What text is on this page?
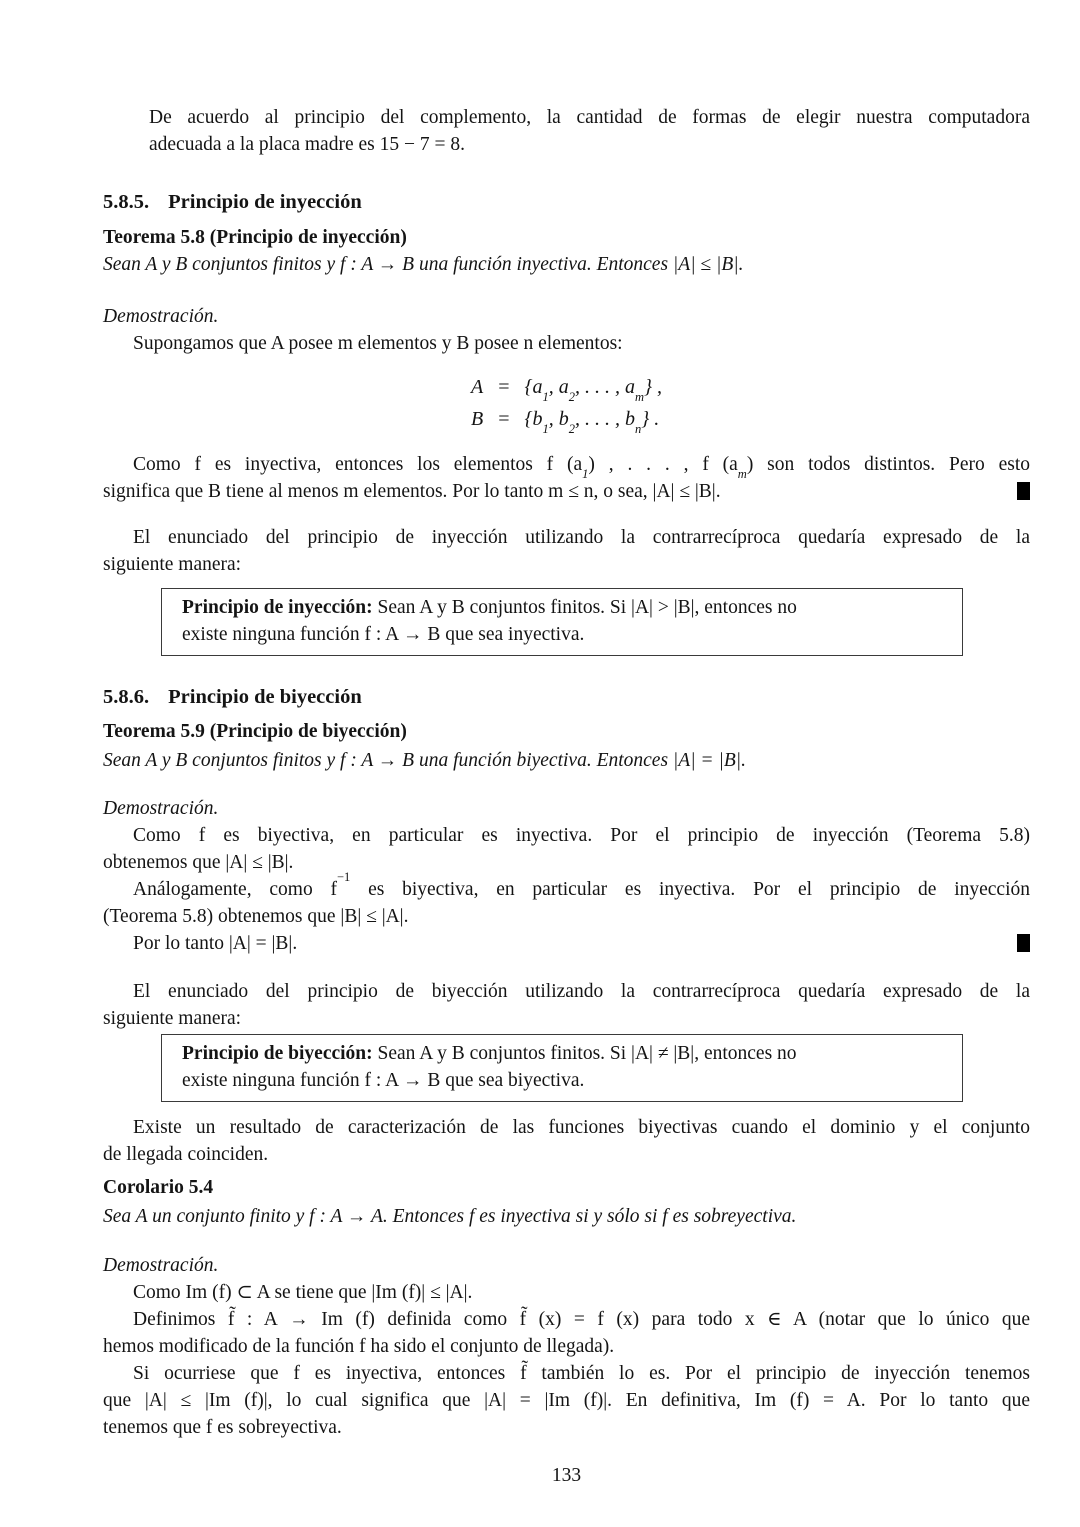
De acuerdo al principio del complemento, la cantidad de formas de elegir nuestra computadora
adecuada a la placa madre es 15 − 7 = 8.
5.8.5. Principio de inyección
Teorema 5.8 (Principio de inyección)
Sean A y B conjuntos finitos y f : A → B una función inyectiva. Entonces |A| ≤ |B|.
Demostración.
Supongamos que A posee m elementos y B posee n elementos:
A	=	{$a_1$, $a_2$, . . . , $a_m$} ,
B	=	{$b_1$, $b_2$, . . . , $b_n$} .
Como f es inyectiva, entonces los elementos f $(a_1)$ , . . . , f $(a_m)$ son todos distintos. Pero esto
significa que B tiene al menos m elementos. Por lo tanto m ≤ n, o sea, |A| ≤ |B|.
El enunciado del principio de inyección utilizando la contrarrecíproca quedaría expresado de la
siguiente manera:
Principio de inyección: Sean A y B conjuntos finitos. Si |A| > |B|, entonces no
existe ninguna función f : A → B que sea inyectiva.
5.8.6. Principio de biyección
Teorema 5.9 (Principio de biyección)
Sean A y B conjuntos finitos y f : A → B una función biyectiva. Entonces |A| = |B|.
Demostración.
Como f es biyectiva, en particular es inyectiva. Por el principio de inyección (Teorema 5.8)
obtenemos que |A| ≤ |B|.
Análogamente, como $f^{-1}$ es biyectiva, en particular es inyectiva. Por el principio de inyección
(Teorema 5.8) obtenemos que |B| ≤ |A|.
Por lo tanto |A| = |B|.
El enunciado del principio de biyección utilizando la contrarrecíproca quedaría expresado de la
siguiente manera:
Principio de biyección: Sean A y B conjuntos finitos. Si |A| ≠ |B|, entonces no
existe ninguna función f : A → B que sea biyectiva.
Existe un resultado de caracterización de las funciones biyectivas cuando el dominio y el conjunto
de llegada coinciden.
Corolario 5.4
Sea A un conjunto finito y f : A → A. Entonces f es inyectiva si y sólo si f es sobreyectiva.
Demostración.
Como Im (f) ⊂ A se tiene que |Im (f)| ≤ |A|.
Definimos f̃ : A → Im (f) definida como f̃ (x) = f (x) para todo x ∈ A (notar que lo único que
hemos modificado de la función f ha sido el conjunto de llegada).
Si ocurriese que f es inyectiva, entonces f̃ también lo es. Por el principio de inyección tenemos
que |A| ≤ |Im (f)|, lo cual significa que |A| = |Im (f)|. En definitiva, Im (f) = A. Por lo tanto que
tenemos que f es sobreyectiva.
133
